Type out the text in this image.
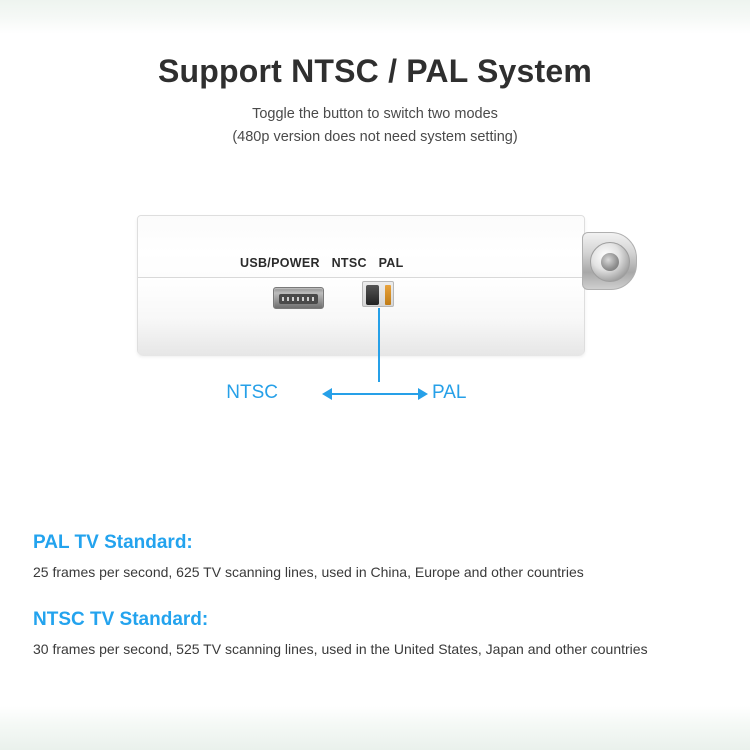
Support NTSC / PAL System
Toggle the button to switch two modes
(480p version does not need system setting)
USB/POWER NTSC PAL
NTSC	PAL
PAL TV Standard:

25 frames per second, 625 TV scanning lines, used in China, Europe and other countries

NTSC TV Standard:

30 frames per second, 525 TV scanning lines, used in the United States, Japan and other countries
